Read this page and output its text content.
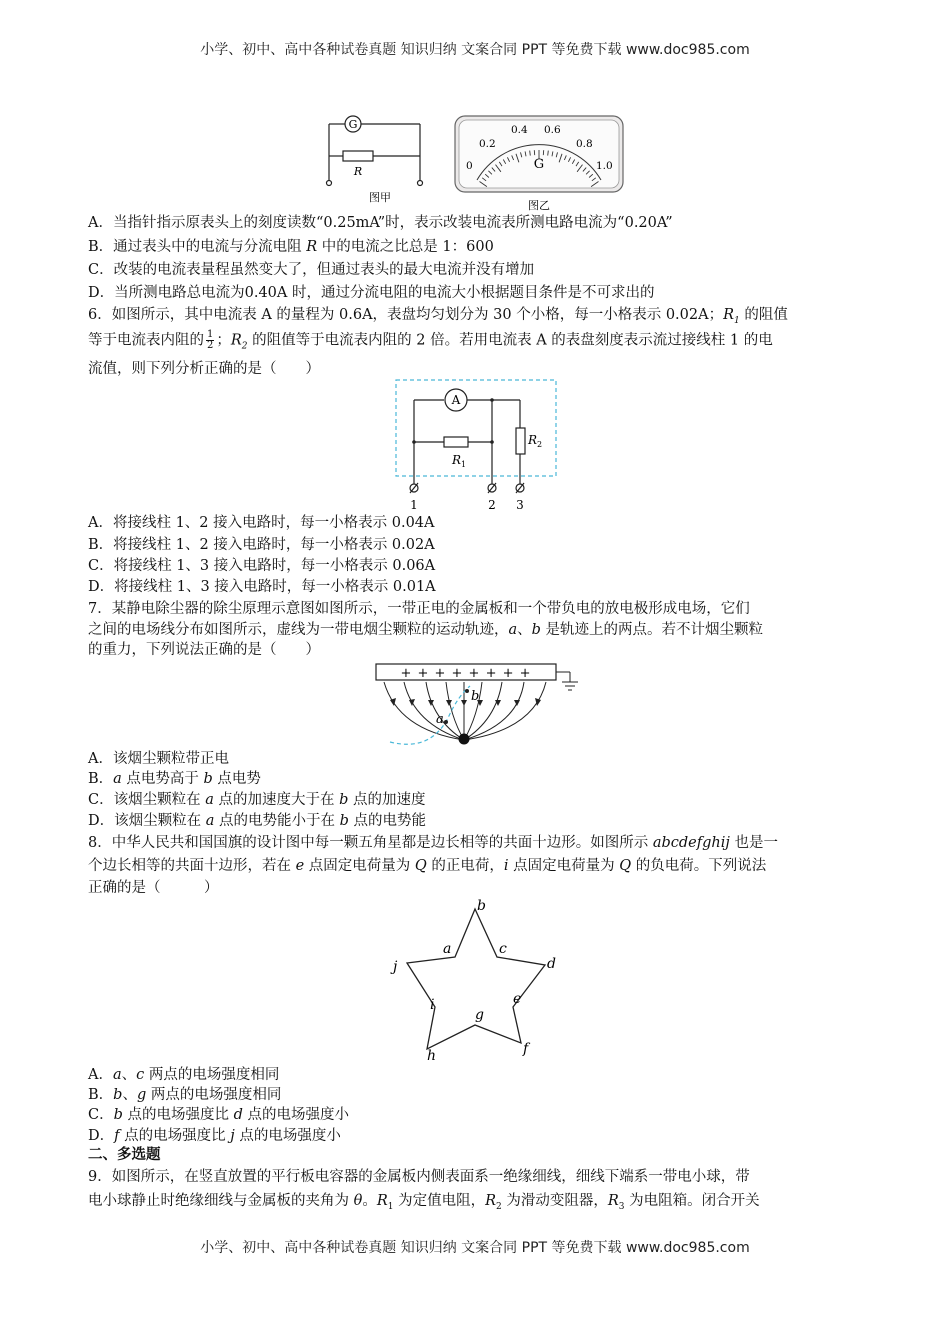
小学、初中、高中各种试卷真题 知识归纳 文案合同 PPT 等免费下载 www.doc985.com
G
R
图甲
0
0.2
0.4 0.6
0.8
1.0
G
图乙
A．当指针指示原表头上的刻度读数“0.25mA”时，表示改装电流表所测电路电流为“0.20A”
B．通过表头中的电流与分流电阻 R 中的电流之比总是 1：600
C．改装的电流表量程虽然变大了，但通过表头的最大电流并没有增加
D．当所测电路总电流为0.40A 时，通过分流电阻的电流大小根据题目条件是不可求出的
6．如图所示，其中电流表 A 的量程为 0.6A，表盘均匀划分为 30 个小格，每一小格表示 0.02A；$R_1$ 的阻值
等于电流表内阻的 $\frac{1}{2}$ ；$R_2$ 的阻值等于电流表内阻的 2 倍。若用电流表 A 的表盘刻度表示流过接线柱 1 的电
流值，则下列分析正确的是（　　）
A
R 1
R 2
1	2 3
A．将接线柱 1、2 接入电路时，每一小格表示 0.04A
B．将接线柱 1、2 接入电路时，每一小格表示 0.02A
C．将接线柱 1、3 接入电路时，每一小格表示 0.06A
D．将接线柱 1、3 接入电路时，每一小格表示 0.01A
7．某静电除尘器的除尘原理示意图如图所示，一带正电的金属板和一个带负电的放电极形成电场，它们
之间的电场线分布如图所示，虚线为一带电烟尘颗粒的运动轨迹，a、b 是轨迹上的两点。若不计烟尘颗粒
的重力，下列说法正确的是（　　）
+ + + + + + + +
a
b
A．该烟尘颗粒带正电
B．a 点电势高于 b 点电势
C．该烟尘颗粒在 a 点的加速度大于在 b 点的加速度
D．该烟尘颗粒在 a 点的电势能小于在 b 点的电势能
8．中华人民共和国国旗的设计图中每一颗五角星都是边长相等的共面十边形。如图所示 abcdefghij 也是一
个边长相等的共面十边形，若在 e 点固定电荷量为 Q 的正电荷，i 点固定电荷量为 Q 的负电荷。下列说法
正确的是（　　　）
b
a	c
j	d
i	e
g
h	f
A．a、c 两点的电场强度相同
B．b、g 两点的电场强度相同
C．b 点的电场强度比 d 点的电场强度小
D．f 点的电场强度比 j 点的电场强度小
二、多选题
9．如图所示，在竖直放置的平行板电容器的金属板内侧表面系一绝缘细线，细线下端系一带电小球，带
电小球静止时绝缘细线与金属板的夹角为 θ。$R_1$ 为定值电阻，$R_2$ 为滑动变阻器，$R_3$ 为电阻箱。闭合开关
小学、初中、高中各种试卷真题 知识归纳 文案合同 PPT 等免费下载 www.doc985.com
